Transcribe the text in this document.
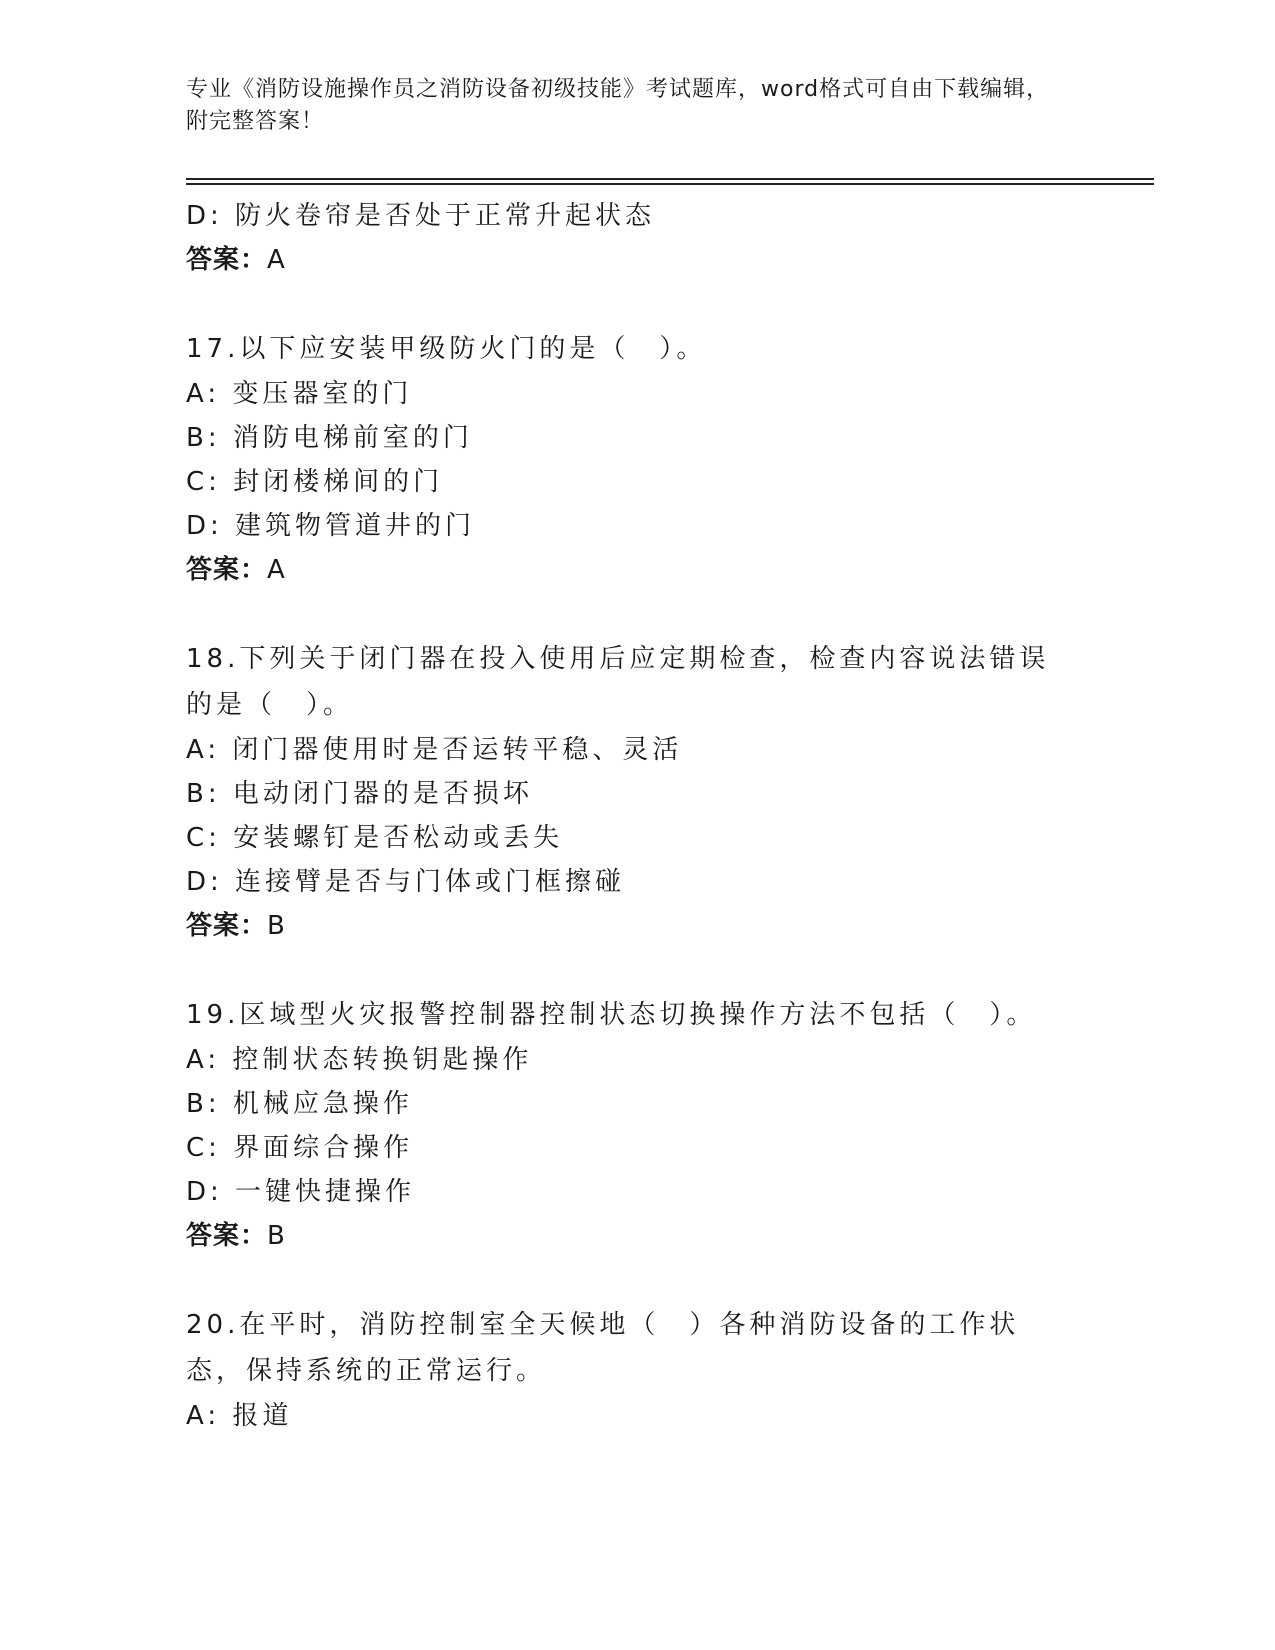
专业《消防设施操作员之消防设备初级技能》考试题库，word格式可自由下载编辑，附完整答案！
D: 防火卷帘是否处于正常升起状态
答案：A
17.以下应安装甲级防火门的是（　）。
A: 变压器室的门
B: 消防电梯前室的门
C: 封闭楼梯间的门
D: 建筑物管道井的门
答案：A
18.下列关于闭门器在投入使用后应定期检查，检查内容说法错误的是（　）。
A: 闭门器使用时是否运转平稳、灵活
B: 电动闭门器的是否损坏
C: 安装螺钉是否松动或丢失
D: 连接臂是否与门体或门框擦碰
答案：B
19.区域型火灾报警控制器控制状态切换操作方法不包括（　）。
A: 控制状态转换钥匙操作
B: 机械应急操作
C: 界面综合操作
D: 一键快捷操作
答案：B
20.在平时，消防控制室全天候地（　）各种消防设备的工作状态，保持系统的正常运行。
A: 报道
